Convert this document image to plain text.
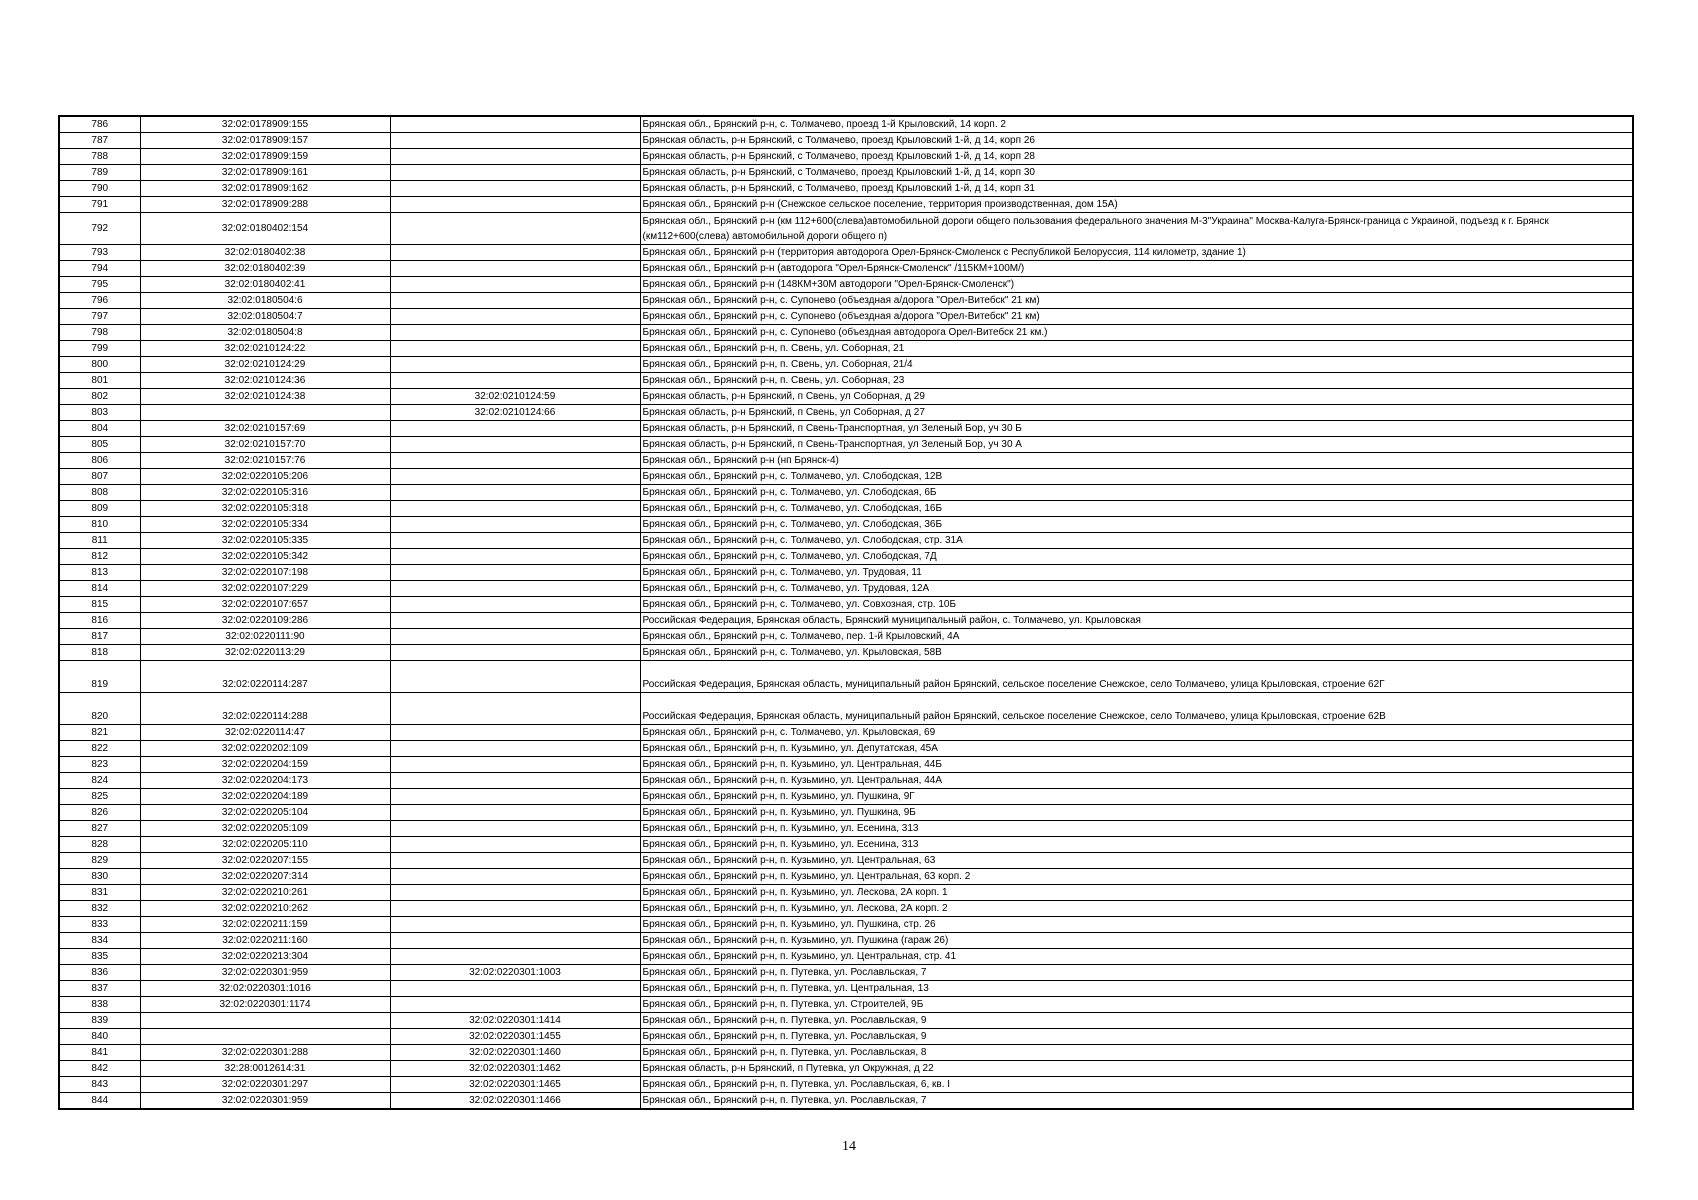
786	32:02:0178909:155		Брянская обл., Брянский р-н, с. Толмачево, проезд 1-й Крыловский, 14 корп. 2
787	32:02:0178909:157		Брянская область, р-н Брянский, с Толмачево, проезд Крыловский 1-й, д 14, корп 26
788	32:02:0178909:159		Брянская область, р-н Брянский, с Толмачево, проезд Крыловский 1-й, д 14, корп 28
789	32:02:0178909:161		Брянская область, р-н Брянский, с Толмачево, проезд Крыловский 1-й, д 14, корп 30
790	32:02:0178909:162		Брянская область, р-н Брянский, с Толмачево, проезд Крыловский 1-й, д 14, корп 31
791	32:02:0178909:288		Брянская обл., Брянский р-н (Снежское сельское поселение, территория производственная, дом 15А)
792	32:02:0180402:154		Брянская обл., Брянский р-н (км 112+600(слева)автомобильной дороги общего пользования федерального значения М-3"Украина" Москва-Калуга-Брянск-граница с Украиной, подъезд к г. Брянск (км112+600(слева) автомобильной дороги общего п)
793	32:02:0180402:38		Брянская обл., Брянский р-н (территория автодорога Орел-Брянск-Смоленск с Республикой Белоруссия, 114 километр, здание 1)
794	32:02:0180402:39		Брянская обл., Брянский р-н (автодорога "Орел-Брянск-Смоленск" /115КМ+100М/)
795	32:02:0180402:41		Брянская обл., Брянский р-н (148КМ+30М автодороги "Орел-Брянск-Смоленск")
796	32:02:0180504:6		Брянская обл., Брянский р-н, с. Супонево (объездная а/дорога "Орел-Витебск" 21 км)
797	32:02:0180504:7		Брянская обл., Брянский р-н, с. Супонево (объездная а/дорога "Орел-Витебск" 21 км)
798	32:02:0180504:8		Брянская обл., Брянский р-н, с. Супонево (объездная автодорога Орел-Витебск 21 км.)
799	32:02:0210124:22		Брянская обл., Брянский р-н, п. Свень, ул. Соборная, 21
800	32:02:0210124:29		Брянская обл., Брянский р-н, п. Свень, ул. Соборная, 21/4
801	32:02:0210124:36		Брянская обл., Брянский р-н, п. Свень, ул. Соборная, 23
802	32:02:0210124:38	32:02:0210124:59	Брянская область, р-н Брянский, п Свень, ул Соборная, д 29
803		32:02:0210124:66	Брянская область, р-н Брянский, п Свень, ул Соборная, д 27
804	32:02:0210157:69		Брянская область, р-н Брянский, п Свень-Транспортная, ул Зеленый Бор, уч 30 Б
805	32:02:0210157:70		Брянская область, р-н Брянский, п Свень-Транспортная, ул Зеленый Бор, уч 30 А
806	32:02:0210157:76		Брянская обл., Брянский р-н (нп Брянск-4)
807	32:02:0220105:206		Брянская обл., Брянский р-н, с. Толмачево, ул. Слободская, 12В
808	32:02:0220105:316		Брянская обл., Брянский р-н, с. Толмачево, ул. Слободская, 6Б
809	32:02:0220105:318		Брянская обл., Брянский р-н, с. Толмачево, ул. Слободская, 16Б
810	32:02:0220105:334		Брянская обл., Брянский р-н, с. Толмачево, ул. Слободская, 36Б
811	32:02:0220105:335		Брянская обл., Брянский р-н, с. Толмачево, ул. Слободская, стр. 31А
812	32:02:0220105:342		Брянская обл., Брянский р-н, с. Толмачево, ул. Слободская, 7Д
813	32:02:0220107:198		Брянская обл., Брянский р-н, с. Толмачево, ул. Трудовая, 11
814	32:02:0220107:229		Брянская обл., Брянский р-н, с. Толмачево, ул. Трудовая, 12А
815	32:02:0220107:657		Брянская обл., Брянский р-н, с. Толмачево, ул. Совхозная, стр. 10Б
816	32:02:0220109:286		Российская Федерация, Брянская область, Брянский муниципальный район, с. Толмачево, ул. Крыловская
817	32:02:0220111:90		Брянская обл., Брянский р-н, с. Толмачево, пер. 1-й Крыловский, 4А
818	32:02:0220113:29		Брянская обл., Брянский р-н, с. Толмачево, ул. Крыловская, 58В
819	32:02:0220114:287		Российская Федерация, Брянская область, муниципальный район Брянский, сельское поселение Снежское, село Толмачево, улица Крыловская, строение 62Г
820	32:02:0220114:288		Российская Федерация, Брянская область, муниципальный район Брянский, сельское поселение Снежское, село Толмачево, улица Крыловская, строение 62В
821	32:02:0220114:47		Брянская обл., Брянский р-н, с. Толмачево, ул. Крыловская, 69
822	32:02:0220202:109		Брянская обл., Брянский р-н, п. Кузьмино, ул. Депутатская, 45А
823	32:02:0220204:159		Брянская обл., Брянский р-н, п. Кузьмино, ул. Центральная, 44Б
824	32:02:0220204:173		Брянская обл., Брянский р-н, п. Кузьмино, ул. Центральная, 44А
825	32:02:0220204:189		Брянская обл., Брянский р-н, п. Кузьмино, ул. Пушкина, 9Г
826	32:02:0220205:104		Брянская обл., Брянский р-н, п. Кузьмино, ул. Пушкина, 9Б
827	32:02:0220205:109		Брянская обл., Брянский р-н, п. Кузьмино, ул. Есенина, 313
828	32:02:0220205:110		Брянская обл., Брянский р-н, п. Кузьмино, ул. Есенина, 313
829	32:02:0220207:155		Брянская обл., Брянский р-н, п. Кузьмино, ул. Центральная, 63
830	32:02:0220207:314		Брянская обл., Брянский р-н, п. Кузьмино, ул. Центральная, 63 корп. 2
831	32:02:0220210:261		Брянская обл., Брянский р-н, п. Кузьмино, ул. Лескова, 2А корп. 1
832	32:02:0220210:262		Брянская обл., Брянский р-н, п. Кузьмино, ул. Лескова, 2А корп. 2
833	32:02:0220211:159		Брянская обл., Брянский р-н, п. Кузьмино, ул. Пушкина, стр. 26
834	32:02:0220211:160		Брянская обл., Брянский р-н, п. Кузьмино, ул. Пушкина (гараж 26)
835	32:02:0220213:304		Брянская обл., Брянский р-н, п. Кузьмино, ул. Центральная, стр. 41
836	32:02:0220301:959	32:02:0220301:1003	Брянская обл., Брянский р-н, п. Путевка, ул. Рославльская, 7
837	32:02:0220301:1016		Брянская обл., Брянский р-н, п. Путевка, ул. Центральная, 13
838	32:02:0220301:1174		Брянская обл., Брянский р-н, п. Путевка, ул. Строителей, 9Б
839		32:02:0220301:1414	Брянская обл., Брянский р-н, п. Путевка, ул. Рославльская, 9
840		32:02:0220301:1455	Брянская обл., Брянский р-н, п. Путевка, ул. Рославльская, 9
841	32:02:0220301:288	32:02:0220301:1460	Брянская обл., Брянский р-н, п. Путевка, ул. Рославльская, 8
842	32:28:0012614:31	32:02:0220301:1462	Брянская область, р-н Брянский, п Путевка, ул Окружная, д 22
843	32:02:0220301:297	32:02:0220301:1465	Брянская обл., Брянский р-н, п. Путевка, ул. Рославльская, 6, кв. I
844	32:02:0220301:959	32:02:0220301:1466	Брянская обл., Брянский р-н, п. Путевка, ул. Рославльская, 7
14
